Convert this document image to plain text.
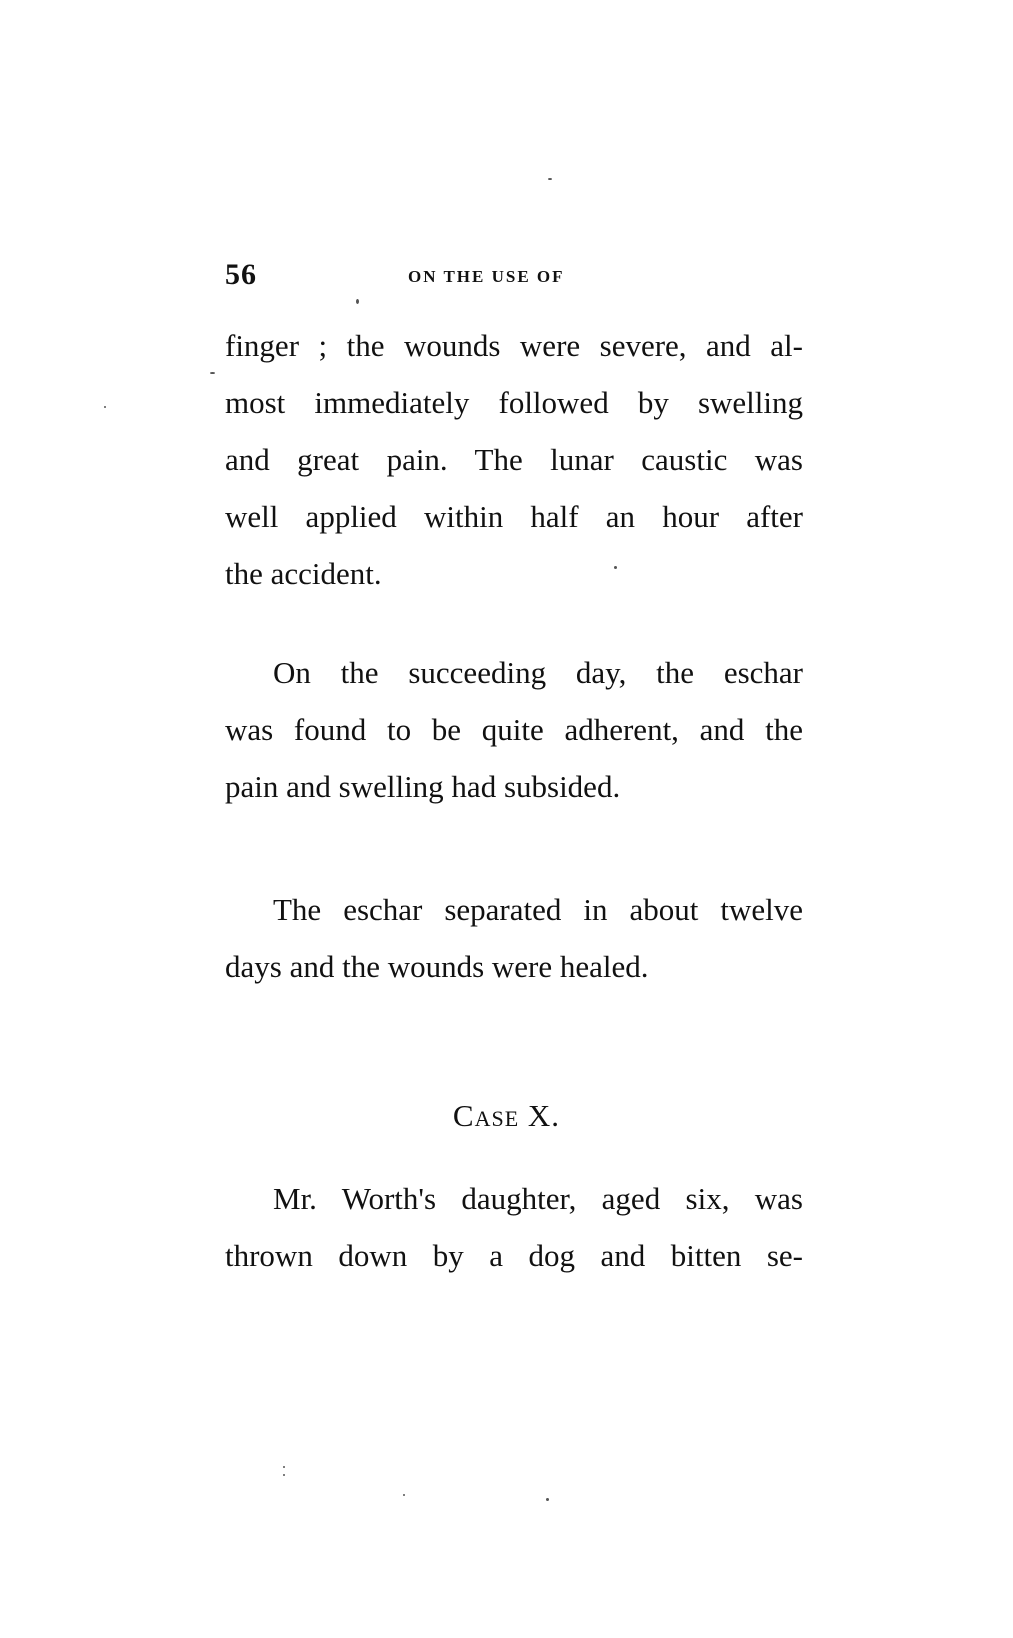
56	ON THE USE OF
finger ; the wounds were severe, and al-
most immediately followed by swelling
and great pain. The lunar caustic was
well applied within half an hour after
the accident.
On the succeeding day, the eschar
was found to be quite adherent, and the
pain and swelling had subsided.
The eschar separated in about twelve
days and the wounds were healed.
Case X.
Mr. Worth's daughter, aged six, was
thrown down by a dog and bitten se-
